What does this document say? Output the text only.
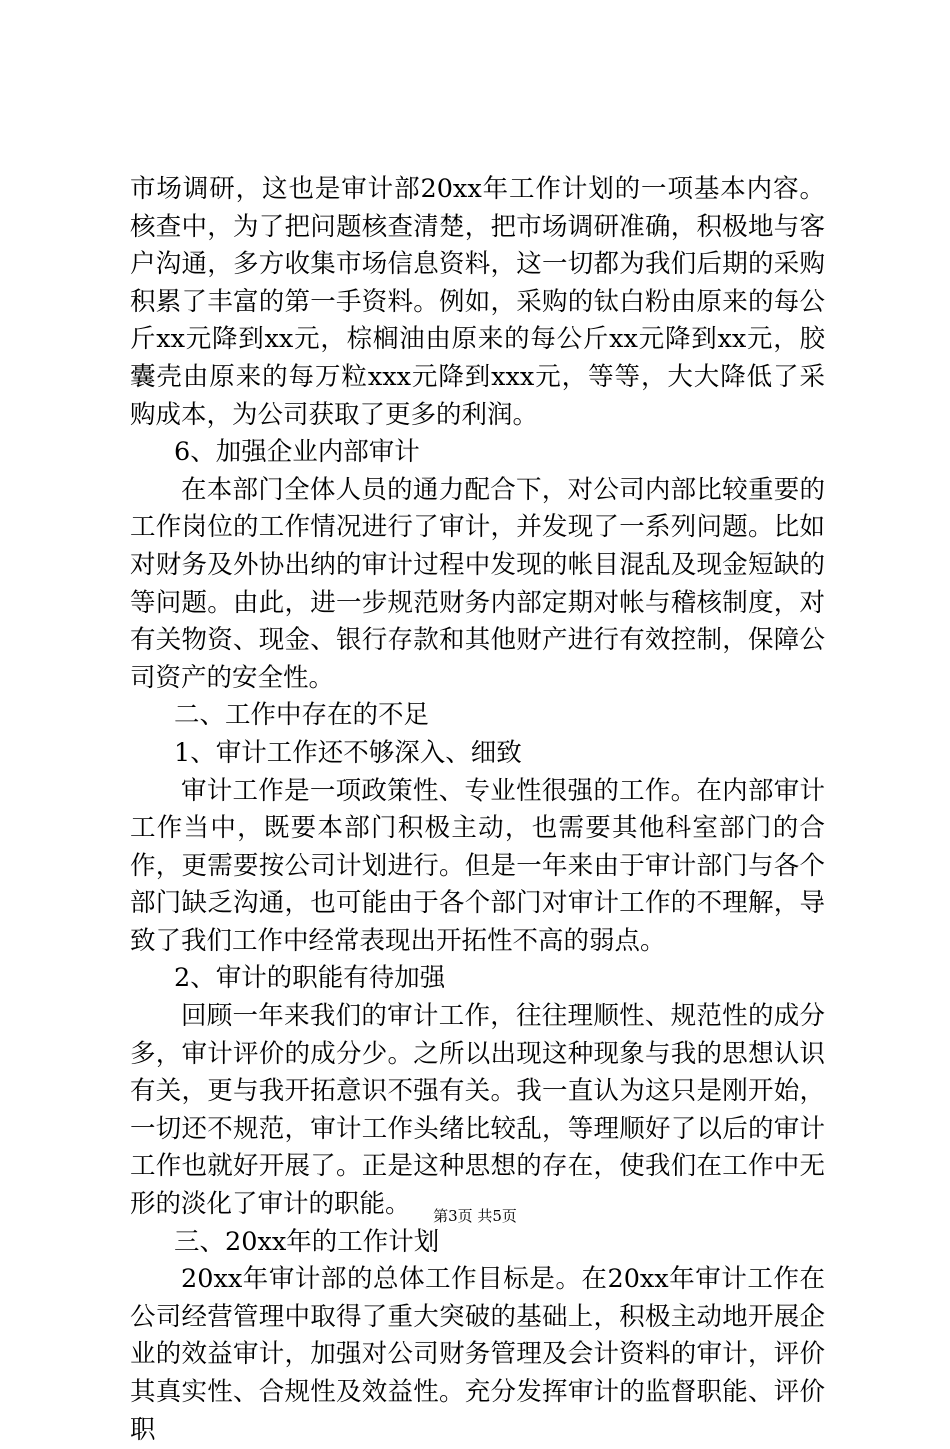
市场调研，这也是审计部20xx年工作计划的一项基本内容。核查中，为了把问题核查清楚，把市场调研准确，积极地与客户沟通，多方收集市场信息资料，这一切都为我们后期的采购积累了丰富的第一手资料。例如，采购的钛白粉由原来的每公斤xx元降到xx元，棕榈油由原来的每公斤xx元降到xx元，胶囊壳由原来的每万粒xxx元降到xxx元，等等，大大降低了采购成本，为公司获取了更多的利润。

6、加强企业内部审计

在本部门全体人员的通力配合下，对公司内部比较重要的工作岗位的工作情况进行了审计，并发现了一系列问题。比如对财务及外协出纳的审计过程中发现的帐目混乱及现金短缺的等问题。由此，进一步规范财务内部定期对帐与稽核制度，对有关物资、现金、银行存款和其他财产进行有效控制，保障公司资产的安全性。

二、工作中存在的不足

1、审计工作还不够深入、细致

审计工作是一项政策性、专业性很强的工作。在内部审计工作当中，既要本部门积极主动，也需要其他科室部门的合作，更需要按公司计划进行。但是一年来由于审计部门与各个部门缺乏沟通，也可能由于各个部门对审计工作的不理解，导致了我们工作中经常表现出开拓性不高的弱点。

2、审计的职能有待加强

回顾一年来我们的审计工作，往往理顺性、规范性的成分多，审计评价的成分少。之所以出现这种现象与我的思想认识有关，更与我开拓意识不强有关。我一直认为这只是刚开始，一切还不规范，审计工作头绪比较乱，等理顺好了以后的审计工作也就好开展了。正是这种思想的存在，使我们在工作中无形的淡化了审计的职能。

三、20xx年的工作计划

20xx年审计部的总体工作目标是。在20xx年审计工作在公司经营管理中取得了重大突破的基础上，积极主动地开展企业的效益审计，加强对公司财务管理及会计资料的审计，评价其真实性、合规性及效益性。充分发挥审计的监督职能、评价职

第3页 共5页
